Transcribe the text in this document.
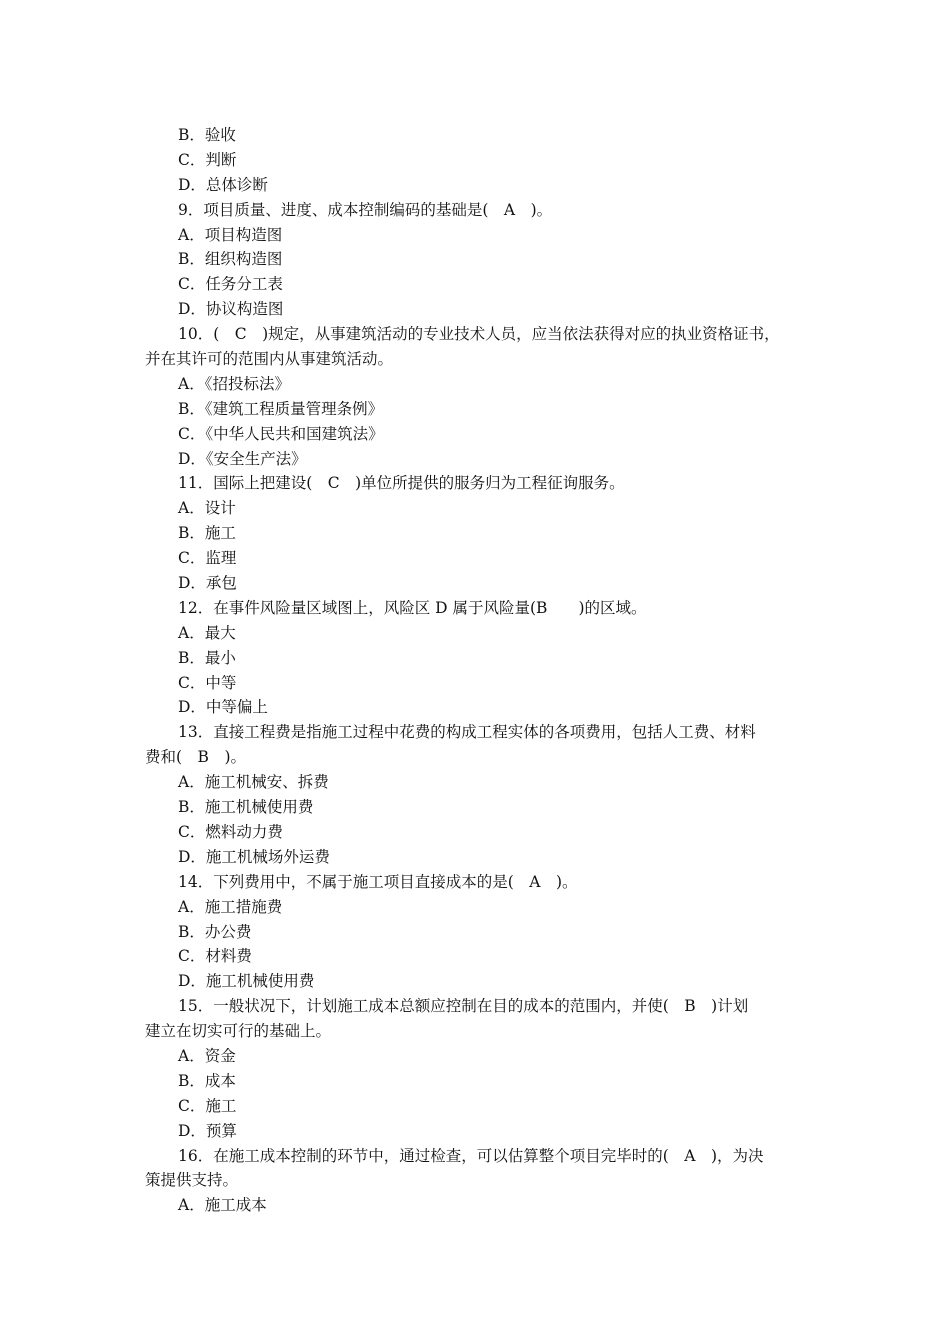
B．验收
C．判断
D．总体诊断
9．项目质量、进度、成本控制编码的基础是(　A　)。
A．项目构造图
B．组织构造图
C．任务分工表
D．协议构造图
10．(　C　)规定，从事建筑活动的专业技术人员，应当依法获得对应的执业资格证书，
并在其许可的范围内从事建筑活动。
A．《招投标法》
B．《建筑工程质量管理条例》
C．《中华人民共和国建筑法》
D．《安全生产法》
11．国际上把建设(　C　)单位所提供的服务归为工程征询服务。
A．设计
B．施工
C．监理
D．承包
12．在事件风险量区域图上，风险区 D 属于风险量(B　　)的区域。
A．最大
B．最小
C．中等
D．中等偏上
13．直接工程费是指施工过程中花费的构成工程实体的各项费用，包括人工费、材料
费和(　B　)。
A．施工机械安、拆费
B．施工机械使用费
C．燃料动力费
D．施工机械场外运费
14．下列费用中，不属于施工项目直接成本的是(　A　)。
A．施工措施费
B．办公费
C．材料费
D．施工机械使用费
15．一般状况下，计划施工成本总额应控制在目的成本的范围内，并使(　B　)计划
建立在切实可行的基础上。
A．资金
B．成本
C．施工
D．预算
16．在施工成本控制的环节中，通过检查，可以估算整个项目完毕时的(　A　)，为决
策提供支持。
A．施工成本
